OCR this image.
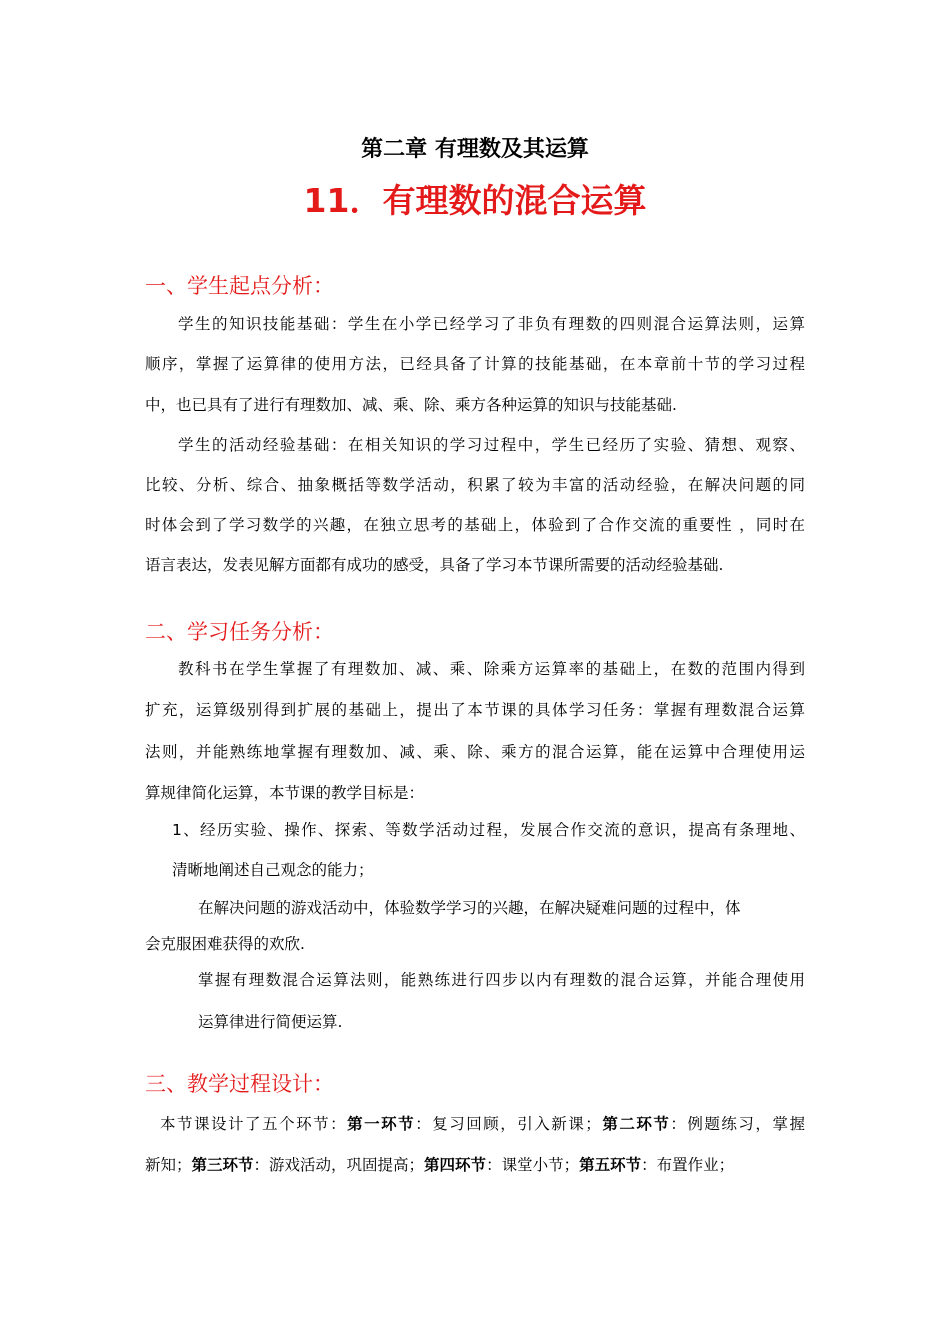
第二章 有理数及其运算
11．有理数的混合运算
一、学生起点分析：
学生的知识技能基础：学生在小学已经学习了非负有理数的四则混合运算法则，运算
顺序，掌握了运算律的使用方法，已经具备了计算的技能基础，在本章前十节的学习过程
中，也已具有了进行有理数加、减、乘、除、乘方各种运算的知识与技能基础.
学生的活动经验基础：在相关知识的学习过程中，学生已经历了实验、猜想、观察、
比较、分析、综合、抽象概括等数学活动，积累了较为丰富的活动经验，在解决问题的同
时体会到了学习数学的兴趣，在独立思考的基础上，体验到了合作交流的重要性 ，同时在
语言表达，发表见解方面都有成功的感受，具备了学习本节课所需要的活动经验基础.
二、学习任务分析：
教科书在学生掌握了有理数加、减、乘、除乘方运算率的基础上，在数的范围内得到
扩充，运算级别得到扩展的基础上，提出了本节课的具体学习任务：掌握有理数混合运算
法则，并能熟练地掌握有理数加、减、乘、除、乘方的混合运算，能在运算中合理使用运
算规律简化运算，本节课的教学目标是：
1、经历实验、操作、探索、等数学活动过程，发展合作交流的意识，提高有条理地、
清晰地阐述自己观念的能力；
在解决问题的游戏活动中，体验数学学习的兴趣，在解决疑难问题的过程中，体
会克服困难获得的欢欣.
掌握有理数混合运算法则，能熟练进行四步以内有理数的混合运算，并能合理使用
运算律进行简便运算.
三、教学过程设计：
本节课设计了五个环节：第一环节：复习回顾，引入新课；第二环节：例题练习，掌握
新知；第三环节：游戏活动，巩固提高；第四环节：课堂小节；第五环节：布置作业；
